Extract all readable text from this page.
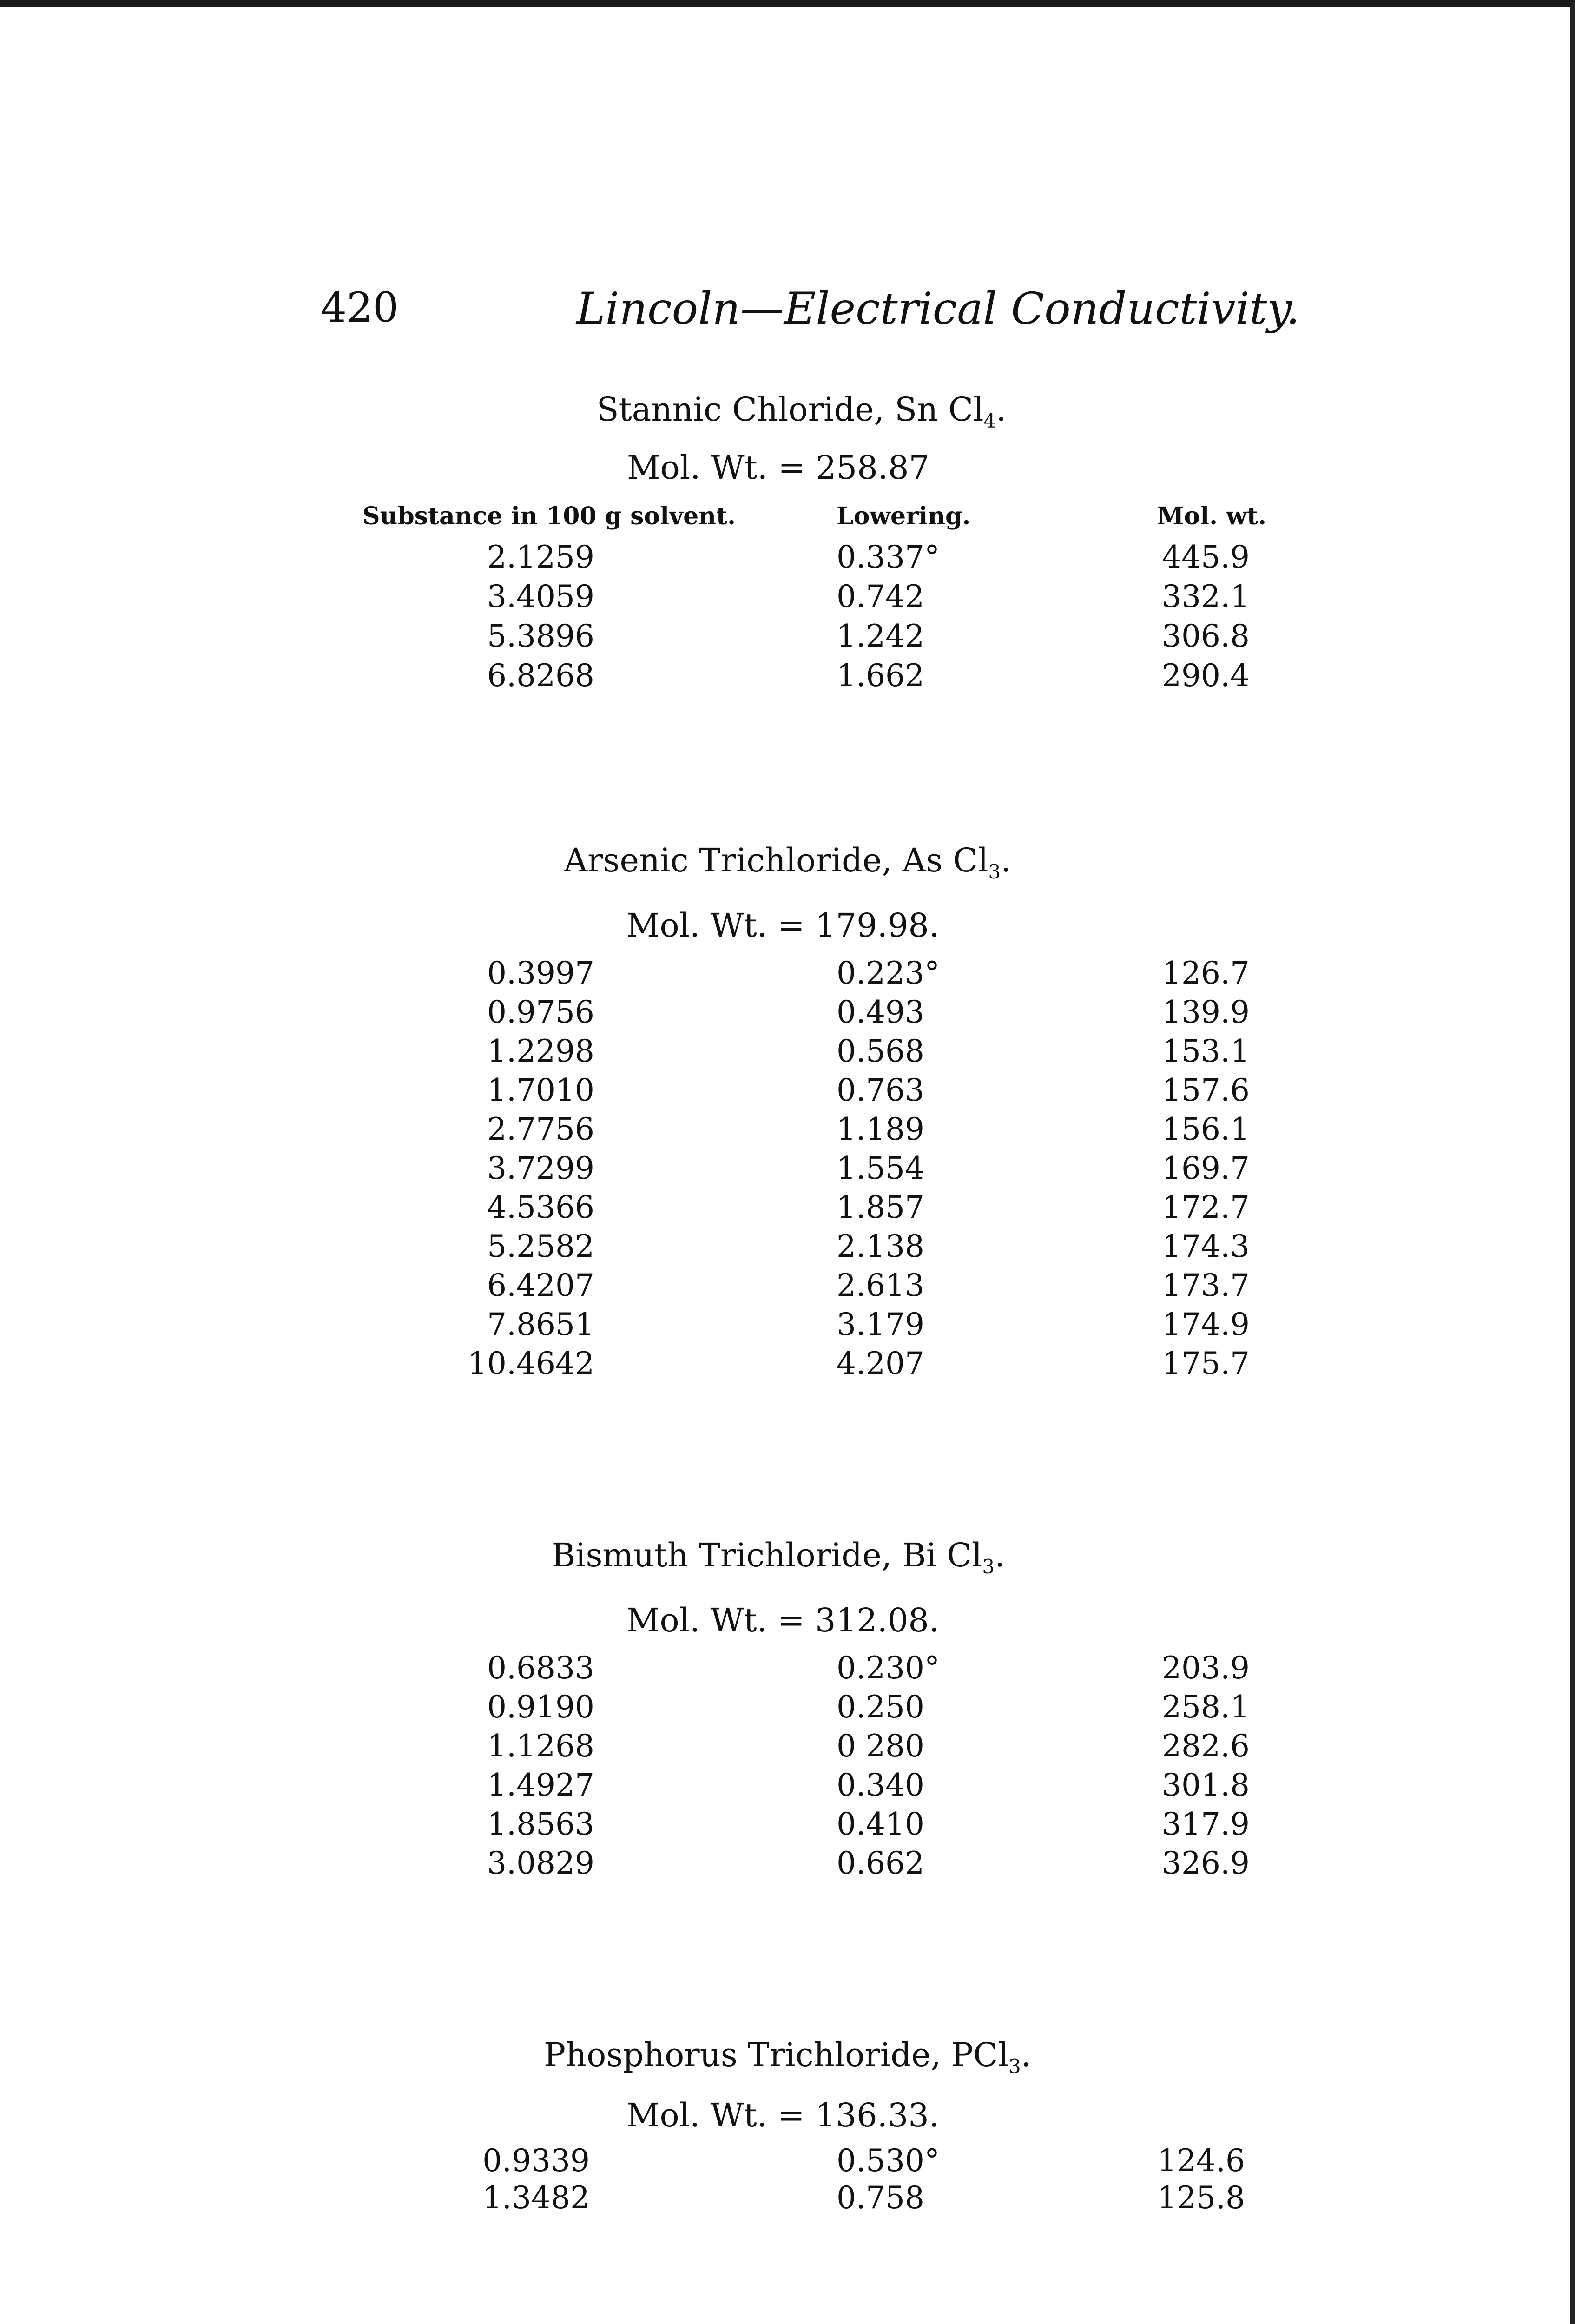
420	Lincoln—Electrical Conductivity.
Stannic Chloride, Sn $Cl_4$.
Mol. Wt. = 258.87
Substance in 100 g solvent.	Lowering.	Mol. wt.
2.1259	0.337°	445.9
3.4059	0.742	332.1
5.3896	1.242	306.8
6.8268	1.662	290.4
Arsenic Trichloride, As $Cl_3$.
Mol. Wt. = 179.98.
0.3997	0.223°	126.7
0.9756	0.493	139.9
1.2298	0.568	153.1
1.7010	0.763	157.6
2.7756	1.189	156.1
3.7299	1.554	169.7
4.5366	1.857	172.7
5.2582	2.138	174.3
6.4207	2.613	173.7
7.8651	3.179	174.9
10.4642	4.207	175.7
Bismuth Trichloride, Bi $Cl_3$.
Mol. Wt. = 312.08.
0.6833	0.230°	203.9
0.9190	0.250	258.1
1.1268	0 280	282.6
1.4927	0.340	301.8
1.8563	0.410	317.9
3.0829	0.662	326.9
Phosphorus Trichloride, PCl$_3$.
Mol. Wt. = 136.33.
0.9339	0.530°	124.6
1.3482	0.758	125.8
